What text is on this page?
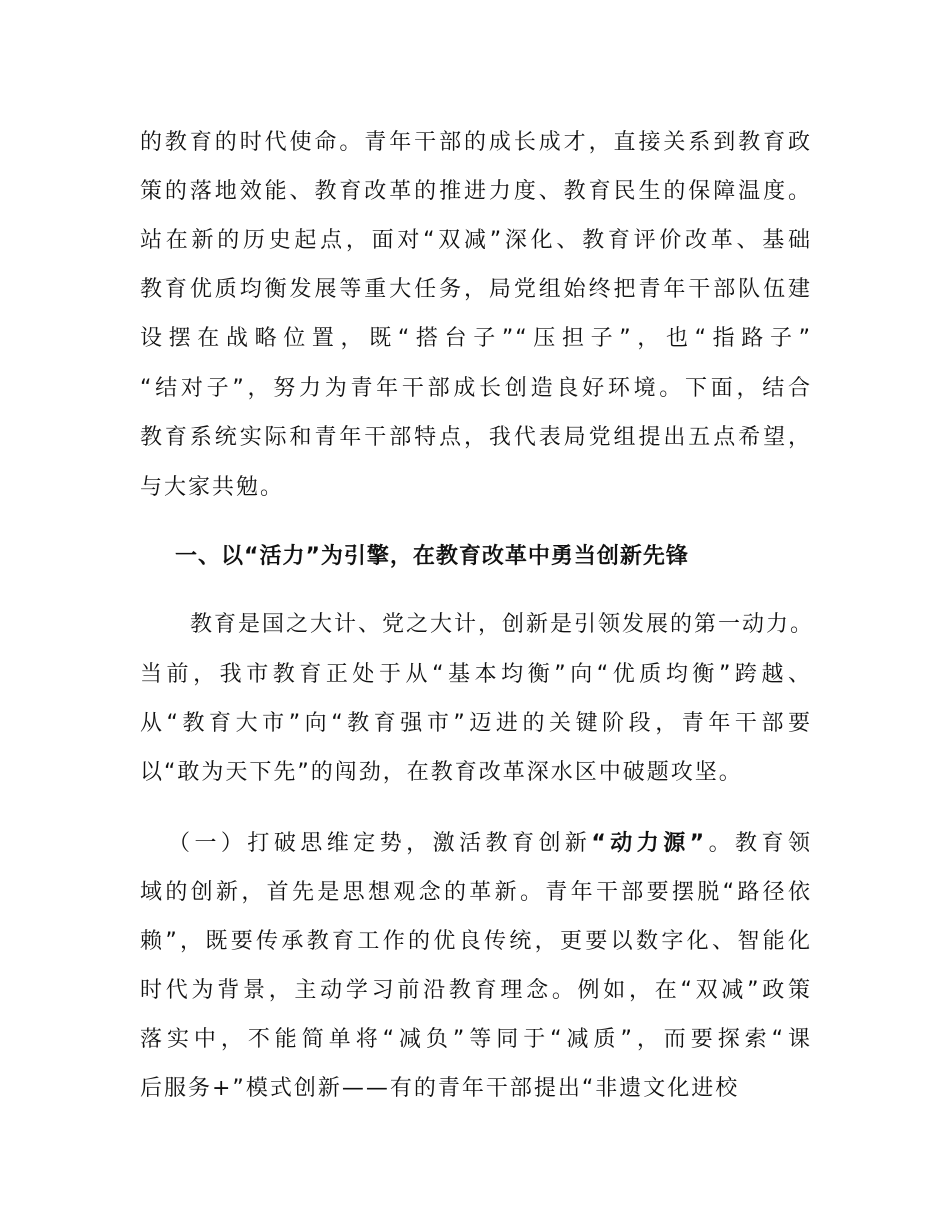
的教育的时代使命。青年干部的成长成才，直接关系到教育政
策的落地效能、教育改革的推进力度、教育民生的保障温度。
站在新的历史起点，面对“双减”深化、教育评价改革、基础
教育优质均衡发展等重大任务，局党组始终把青年干部队伍建
设摆在战略位置，既“搭台子”“压担子”，也“指路子”
“结对子”，努力为青年干部成长创造良好环境。下面，结合
教育系统实际和青年干部特点，我代表局党组提出五点希望，
与大家共勉。
一、以“活力”为引擎，在教育改革中勇当创新先锋
教育是国之大计、党之大计，创新是引领发展的第一动力。
当前，我市教育正处于从“基本均衡”向“优质均衡”跨越、
从“教育大市”向“教育强市”迈进的关键阶段，青年干部要
以“敢为天下先”的闯劲，在教育改革深水区中破题攻坚。
（一）打破思维定势，激活教育创新“动力源”。教育领
域的创新，首先是思想观念的革新。青年干部要摆脱“路径依
赖”，既要传承教育工作的优良传统，更要以数字化、智能化
时代为背景，主动学习前沿教育理念。例如，在“双减”政策
落实中，不能简单将“减负”等同于“减质”，而要探索“课
后服务+”模式创新——有的青年干部提出“非遗文化进校
